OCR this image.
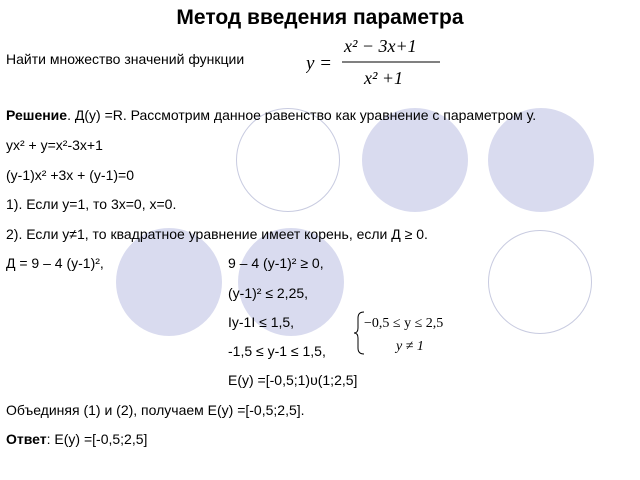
Метод введения параметра
Найти множество значений функции	y =
x² − 3x+1
x² +1
Решение. Д(у) =R. Рассмотрим данное равенство как уравнение с параметром у.
ух² + у=х²-3х+1
(у-1)х² +3х + (у-1)=0
1). Если у=1, то 3х=0, х=0.
2). Если у≠1, то квадратное уравнение имеет корень, если Д ≥ 0.
Д = 9 – 4 (у-1)²,	9 – 4 (у-1)² ≥ 0,
(у-1)² ≤ 2,25,
Iу-1I ≤ 1,5,
-1,5 ≤ у-1 ≤ 1,5,
Е(у) =[-0,5;1)υ(1;2,5]
−0,5 ≤ y ≤ 2,5
y ≠ 1
Объединяя (1) и (2), получаем Е(у) =[-0,5;2,5].
Ответ: Е(у) =[-0,5;2,5]
